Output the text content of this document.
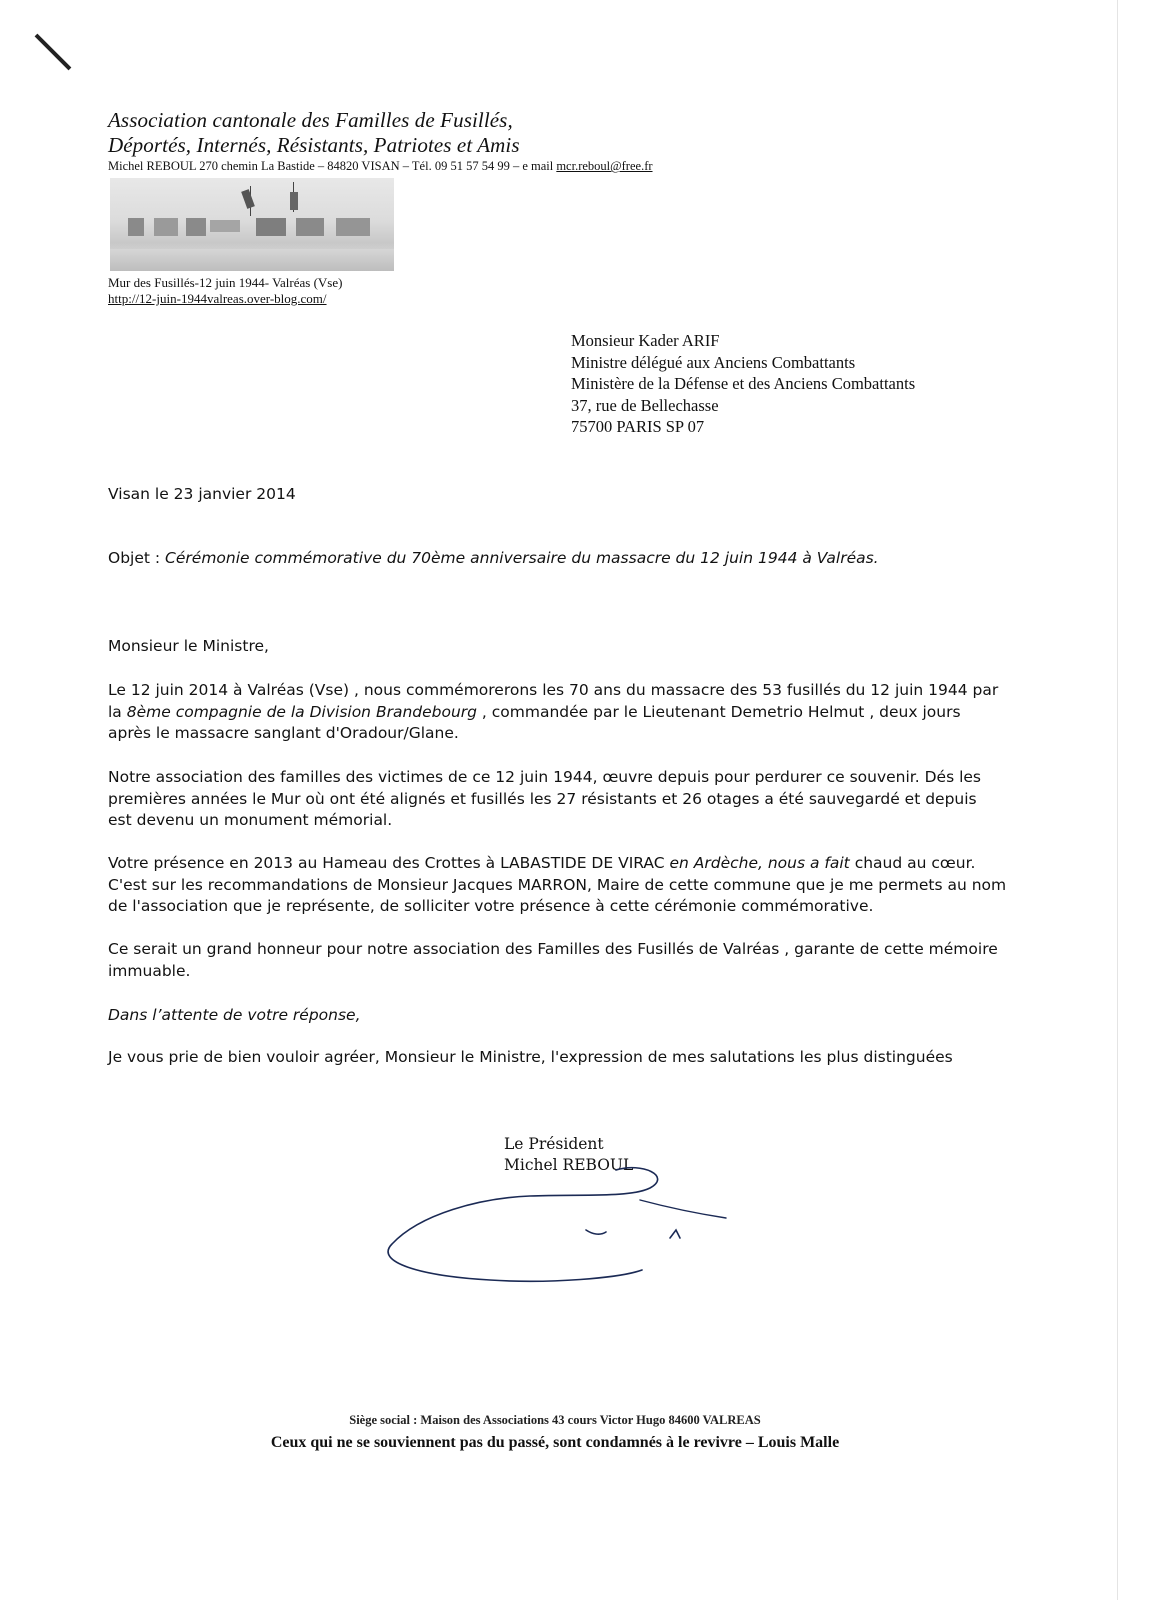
Association cantonale des Familles de Fusillés,
Déportés, Internés, Résistants, Patriotes et Amis
Michel REBOUL 270 chemin La Bastide – 84820 VISAN – Tél. 09 51 57 54 99 – e mail mcr.reboul@free.fr
Mur des Fusillés-12 juin 1944- Valréas (Vse)
http://12-juin-1944valreas.over-blog.com/
Monsieur Kader ARIF
Ministre délégué aux Anciens Combattants
Ministère de la Défense et des Anciens Combattants
37, rue de Bellechasse
75700 PARIS SP 07
Visan le 23 janvier 2014
Objet : Cérémonie commémorative du 70ème anniversaire du massacre du 12 juin 1944 à Valréas.
Monsieur le Ministre,
Le 12 juin 2014 à Valréas (Vse) , nous commémorerons les 70 ans du massacre des 53 fusillés du 12 juin 1944 par la 8ème compagnie de la Division Brandebourg , commandée par le Lieutenant Demetrio Helmut , deux jours après le massacre sanglant d'Oradour/Glane.
Notre association des familles des victimes de ce 12 juin 1944, œuvre depuis pour perdurer ce souvenir. Dés les premières années le Mur où ont été alignés et fusillés les 27 résistants et 26 otages a été sauvegardé et depuis est devenu un monument mémorial.
Votre présence en 2013 au Hameau des Crottes à LABASTIDE DE VIRAC en Ardèche, nous a fait chaud au cœur. C'est sur les recommandations de Monsieur Jacques MARRON, Maire de cette commune que je me permets au nom de l'association que je représente, de solliciter votre présence à cette cérémonie commémorative.
Ce serait un grand honneur pour notre association des Familles des Fusillés de Valréas , garante de cette mémoire immuable.
Dans l’attente de votre réponse,
Je vous prie de bien vouloir agréer, Monsieur le Ministre, l'expression de mes salutations les plus distinguées
Le Président
Michel REBOUL
Siège social : Maison des Associations 43 cours Victor Hugo 84600 VALREAS
Ceux qui ne se souviennent pas du passé, sont condamnés à le revivre – Louis Malle
